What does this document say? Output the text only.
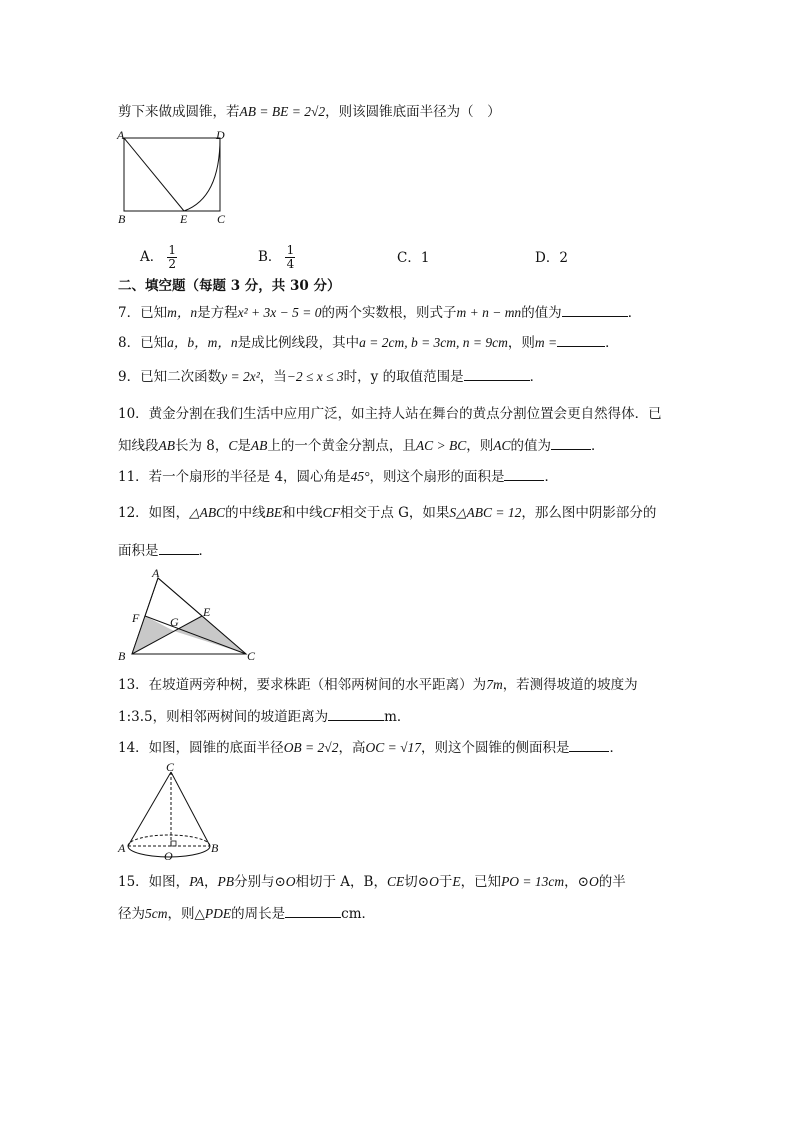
剪下来做成圆锥，若AB = BE = 2√2，则该圆锥底面半径为（　）
A	D
B	E C
A． $\frac{1}{2}$	B． $\frac{1}{4}$	C．1	D．2
二、填空题（每题 3 分，共 30 分）
7．已知m，n是方程x² + 3x − 5 = 0的两个实数根，则式子m + n − mn的值为	．
8．已知a，b，m，n是成比例线段，其中a = 2cm, b = 3cm, n = 9cm，则m =	．
9．已知二次函数y = 2x²，当−2 ≤ x ≤ 3时，y 的取值范围是	．
10．黄金分割在我们生活中应用广泛，如主持人站在舞台的黄点分割位置会更自然得体．已
知线段AB长为 8，C是AB上的一个黄金分割点，且AC > BC，则AC的值为	．
11．若一个扇形的半径是 4，圆心角是45°，则这个扇形的面积是	．
12．如图，△ABC的中线BE和中线CF相交于点 G，如果S△ABC = 12，那么图中阴影部分的
面积是	．
A
F	E
G
B	C
13．在坡道两旁种树，要求株距（相邻两树间的水平距离）为7m，若测得坡道的坡度为
1:3.5，则相邻两树间的坡道距离为	m．
14．如图，圆锥的底面半径OB = 2√2，高OC = √17，则这个圆锥的侧面积是	．
C
A
O
B
15．如图，PA，PB分别与⊙O相切于 A，B，CE切⊙O于E，已知PO = 13cm，⊙O的半
径为5cm，则△PDE的周长是	cm．
